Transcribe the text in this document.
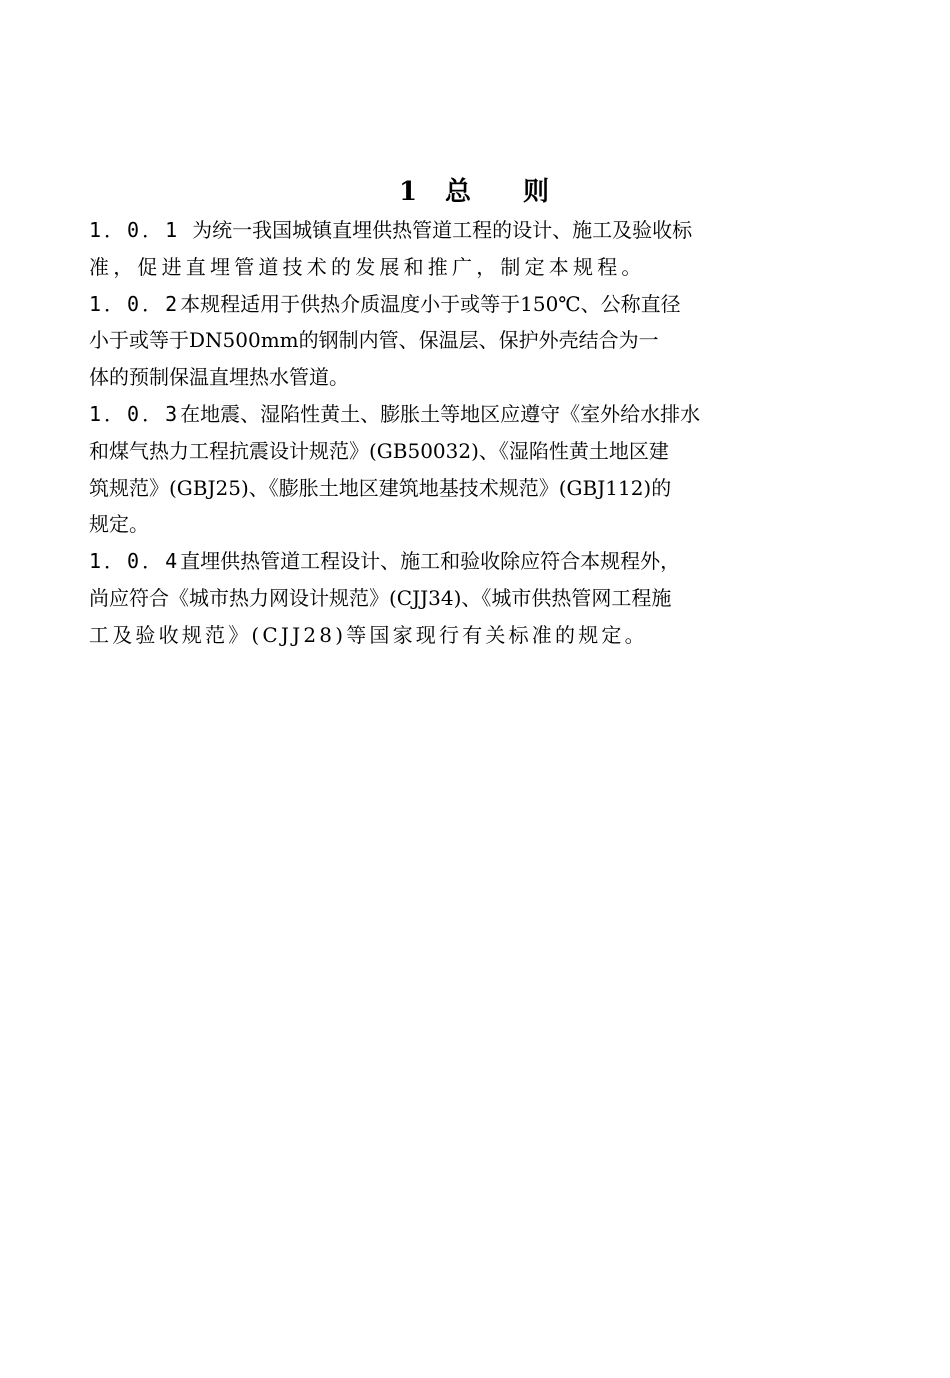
1 总 则
1．0．1 为统一我国城镇直埋供热管道工程的设计、施工及验收标
准，促进直埋管道技术的发展和推广，制定本规程。
1．0．2本规程适用于供热介质温度小于或等于150℃、公称直径
小于或等于DN500mm的钢制内管、保温层、保护外壳结合为一
体的预制保温直埋热水管道。
1．0．3在地震、湿陷性黄土、膨胀土等地区应遵守《室外给水排水
和煤气热力工程抗震设计规范》(GB50032)、《湿陷性黄土地区建
筑规范》(GBJ25)、《膨胀土地区建筑地基技术规范》(GBJ112)的
规定。
1．0．4直埋供热管道工程设计、施工和验收除应符合本规程外，
尚应符合《城市热力网设计规范》(CJJ34)、《城市供热管网工程施
工及验收规范》(CJJ28)等国家现行有关标准的规定。
